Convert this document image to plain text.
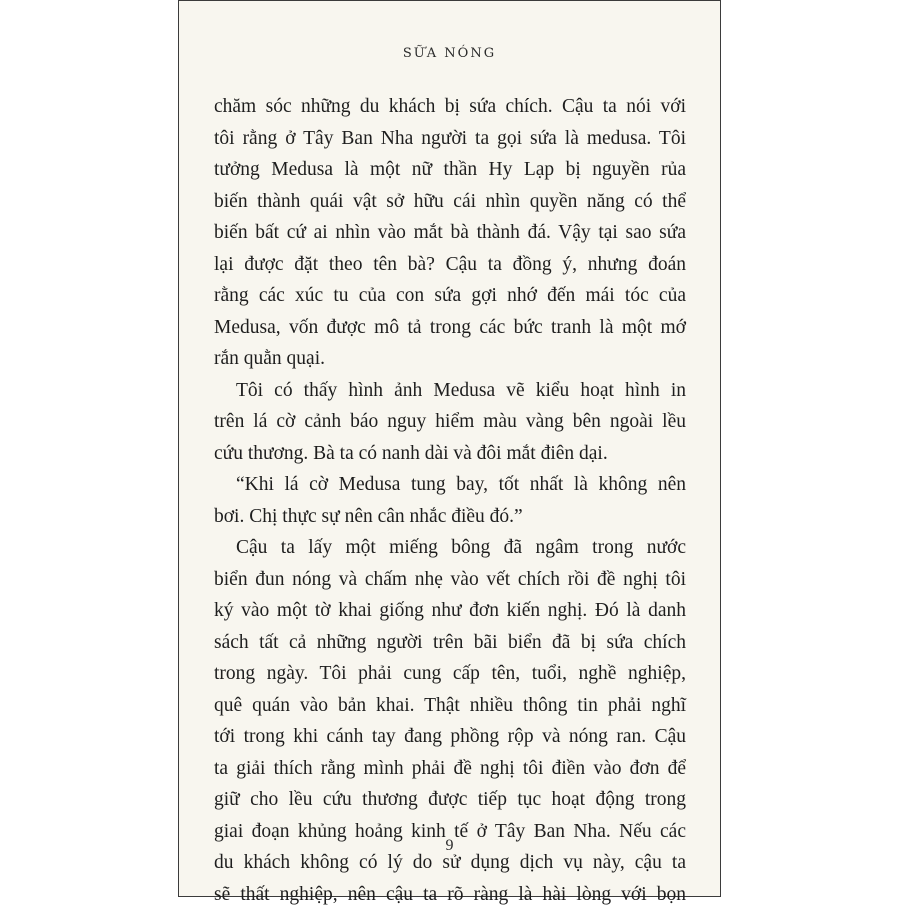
SỮA NÓNG
chăm sóc những du khách bị sứa chích. Cậu ta nói với
tôi rằng ở Tây Ban Nha người ta gọi sứa là medusa. Tôi
tưởng Medusa là một nữ thần Hy Lạp bị nguyền rủa
biến thành quái vật sở hữu cái nhìn quyền năng có thể
biến bất cứ ai nhìn vào mắt bà thành đá. Vậy tại sao sứa
lại được đặt theo tên bà? Cậu ta đồng ý, nhưng đoán
rằng các xúc tu của con sứa gợi nhớ đến mái tóc của
Medusa, vốn được mô tả trong các bức tranh là một mớ
rắn quằn quại.
Tôi có thấy hình ảnh Medusa vẽ kiểu hoạt hình in
trên lá cờ cảnh báo nguy hiểm màu vàng bên ngoài lều
cứu thương. Bà ta có nanh dài và đôi mắt điên dại.
“Khi lá cờ Medusa tung bay, tốt nhất là không nên
bơi. Chị thực sự nên cân nhắc điều đó.”
Cậu ta lấy một miếng bông đã ngâm trong nước
biển đun nóng và chấm nhẹ vào vết chích rồi đề nghị tôi
ký vào một tờ khai giống như đơn kiến nghị. Đó là danh
sách tất cả những người trên bãi biển đã bị sứa chích
trong ngày. Tôi phải cung cấp tên, tuổi, nghề nghiệp,
quê quán vào bản khai. Thật nhiều thông tin phải nghĩ
tới trong khi cánh tay đang phồng rộp và nóng ran. Cậu
ta giải thích rằng mình phải đề nghị tôi điền vào đơn để
giữ cho lều cứu thương được tiếp tục hoạt động trong
giai đoạn khủng hoảng kinh tế ở Tây Ban Nha. Nếu các
du khách không có lý do sử dụng dịch vụ này, cậu ta
sẽ thất nghiệp, nên cậu ta rõ ràng là hài lòng với bọn
9
